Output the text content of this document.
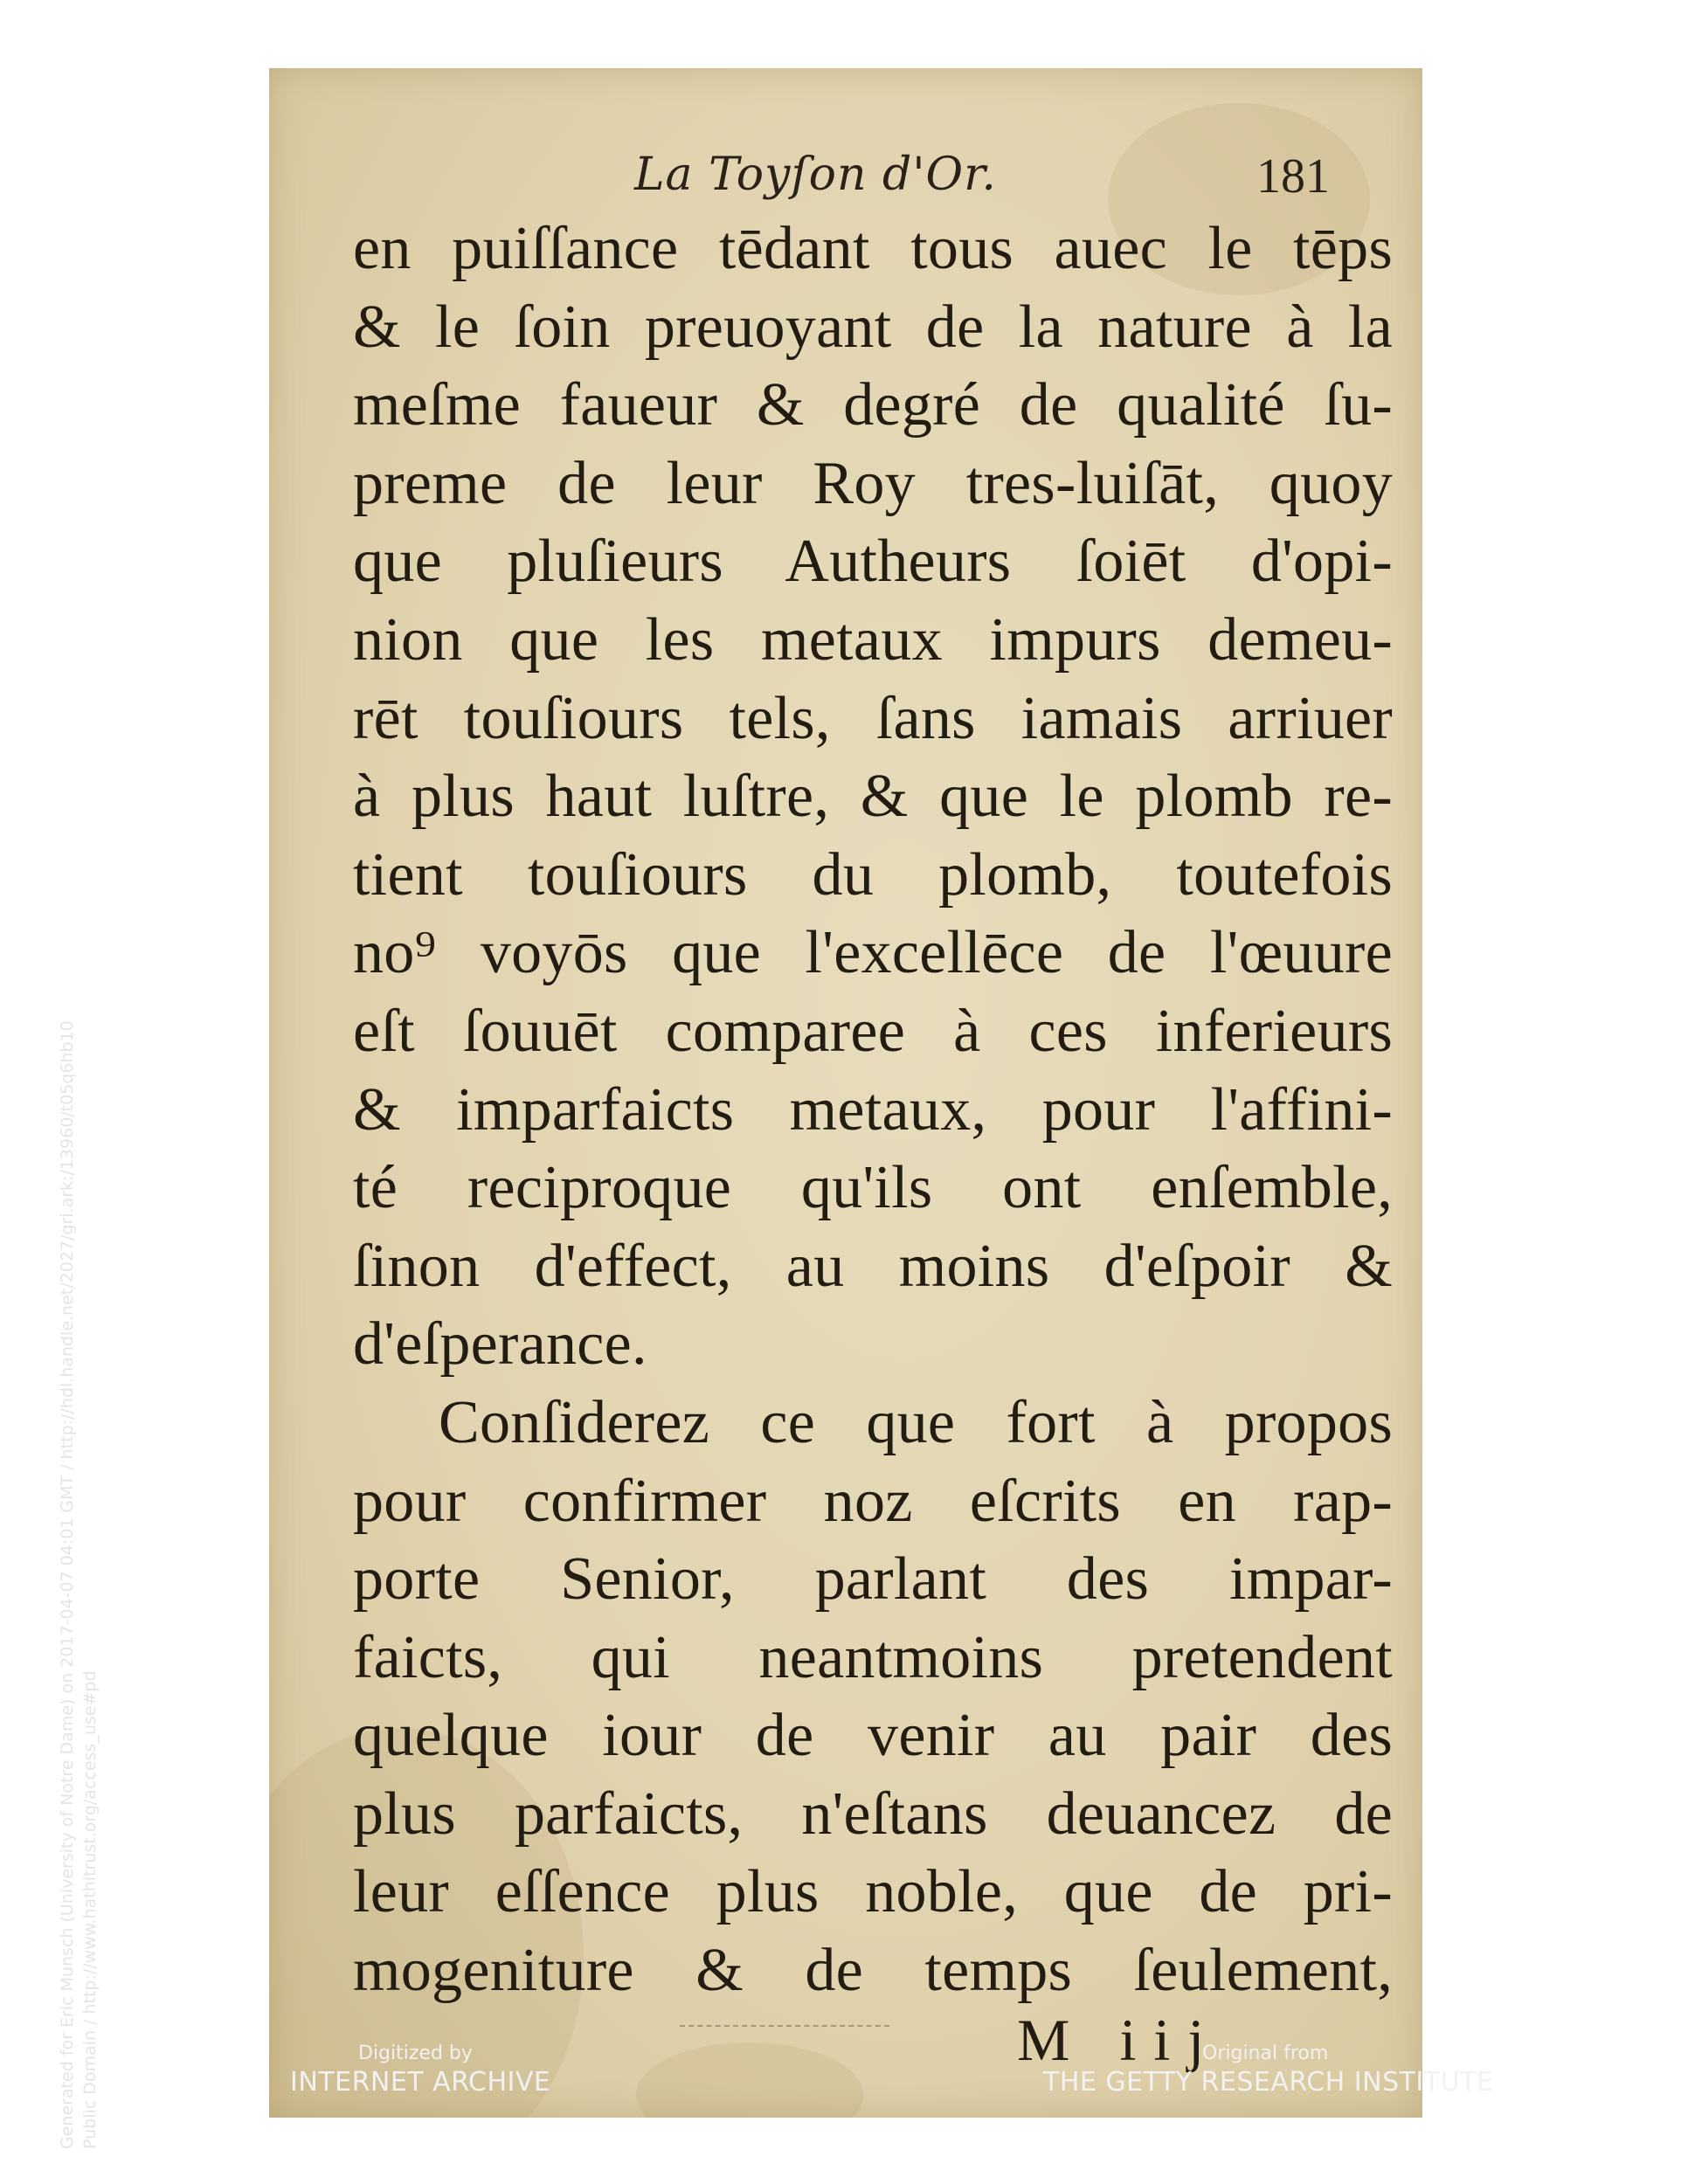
La Toyſon d'Or.	181
en puiſſance tēdant tous auec le tēps
& le ſoin preuoyant de la nature à la
meſme faueur & degré de qualité ſu-
preme de leur Roy tres-luiſāt, quoy
que pluſieurs Autheurs ſoiēt d'opi-
nion que les metaux impurs demeu-
rēt touſiours tels, ſans iamais arriuer
à plus haut luſtre, & que le plomb re-
tient touſiours du plomb, toutefois
no⁹ voyōs que l'excellēce de l'œuure
eſt ſouuēt comparee à ces inferieurs
& imparfaicts metaux, pour l'affini-
té reciproque qu'ils ont enſemble,
ſinon d'effect, au moins d'eſpoir &
d'eſperance.
Conſiderez ce que fort à propos
pour confirmer noz eſcrits en rap-
porte Senior, parlant des impar-
faicts, qui neantmoins pretendent
quelque iour de venir au pair des
plus parfaicts, n'eſtans deuancez de
leur eſſence plus noble, que de pri-
mogeniture & de temps ſeulement,
M iij
Generated for Eric Munsch (University of Notre Dame) on 2017-04-07 04:01 GMT / http://hdl.handle.net/2027/gri.ark:/13960/t05q6hb10 Public Domain / http://www.hathitrust.org/access_use#pd	Digitized by
INTERNET ARCHIVE
Original from
THE GETTY RESEARCH INSTITUTE
